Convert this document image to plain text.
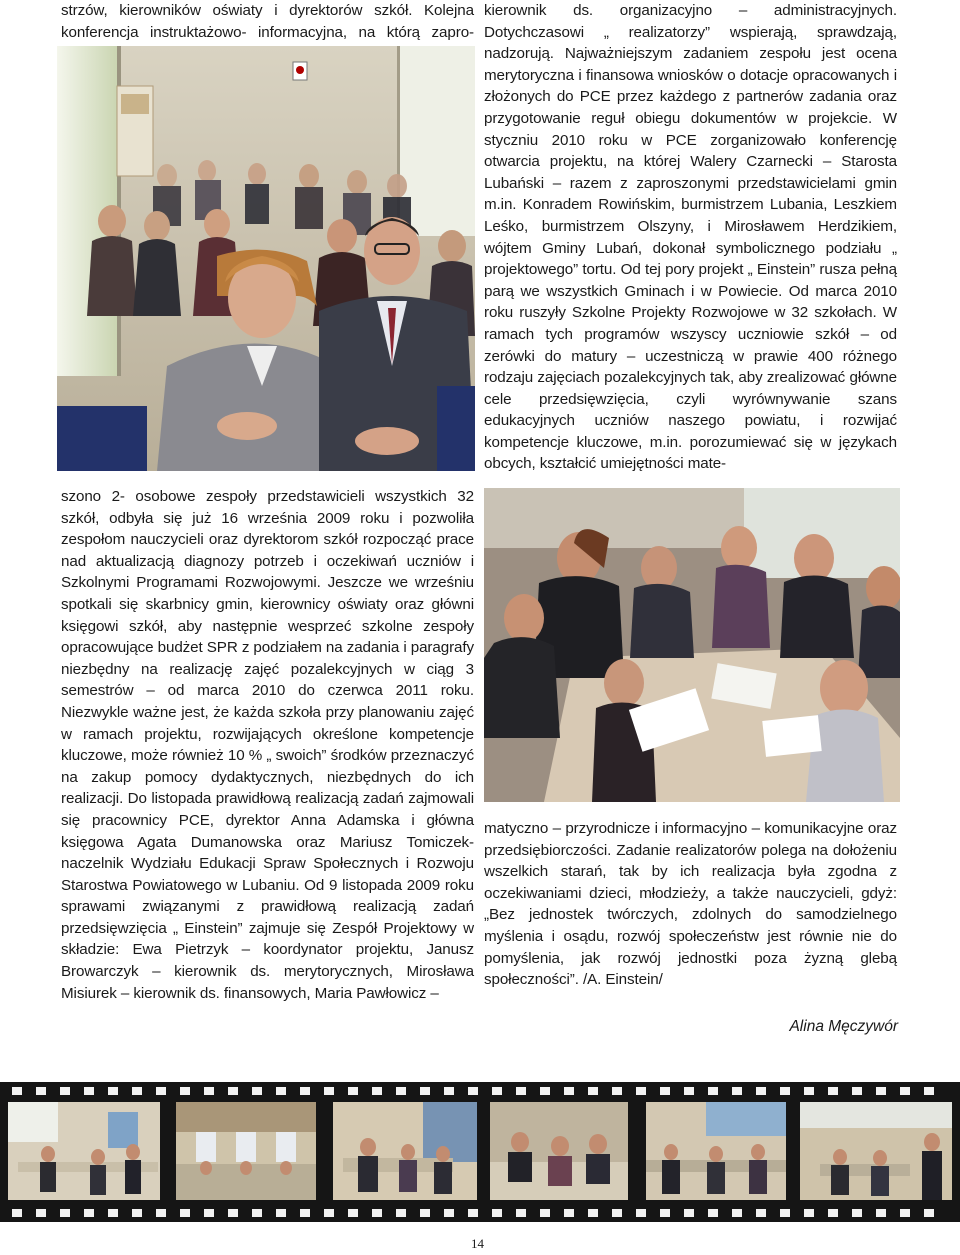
strzów, kierowników oświaty i dyrektorów szkół. Kolejna

konferencja instruktażowo- informacyjna, na którą zapro-

szono 2- osobowe zespoły przedstawicieli wszystkich 32 szkół, odbyła się już 16 września 2009 roku i pozwoliła zespołom nauczycieli oraz dyrektorom szkół rozpocząć prace nad aktualizacją diagnozy potrzeb i oczekiwań uczniów i Szkolnymi Programami Rozwojowymi. Jeszcze we wrześniu spotkali się skarbnicy gmin, kierownicy oświaty oraz główni księgowi szkół, aby następnie wesprzeć szkolne zespoły opracowujące budżet SPR z podziałem na zadania i paragrafy niezbędny na realizację zajęć pozalekcyjnych w ciąg 3 semestrów – od marca 2010 do czerwca 2011 roku. Niezwykle ważne jest, że każda szkoła przy planowaniu zajęć w ramach projektu, rozwijających określone kompetencje kluczowe, może również 10 % „ swoich” środków przeznaczyć na zakup pomocy dydaktycznych, niezbędnych do ich realizacji. Do listopada prawidłową realizacją zadań zajmowali się pracownicy PCE, dyrektor Anna Adamska i główna księgowa Agata Dumanowska oraz Mariusz Tomiczek- naczelnik Wydziału Edukacji Spraw Społecznych i Rozwoju Starostwa Powiatowego w Lubaniu. Od 9 listopada 2009 roku sprawami związanymi z prawidłową realizacją zadań przedsięwzięcia „ Einstein” zajmuje się Zespół Projektowy w składzie: Ewa Pietrzyk – koordynator projektu, Janusz Browarczyk – kierownik ds. merytorycznych, Mirosława Misiurek – kierownik ds. finansowych, Maria Pawłowicz –

kierownik ds. organizacyjno – administracyjnych. Dotychczasowi „ realizatorzy” wspierają, sprawdzają, nadzorują. Najważniejszym zadaniem zespołu jest ocena merytoryczna i finansowa wniosków o dotacje opracowanych i złożonych do PCE przez każdego z partnerów zadania oraz przygotowanie reguł obiegu dokumentów w projekcie. W styczniu 2010 roku w PCE zorganizowało konferencję otwarcia projektu, na której Walery Czarnecki – Starosta Lubański – razem z zaproszonymi przedstawicielami gmin m.in. Konradem Rowińskim, burmistrzem Lubania, Leszkiem Leśko, burmistrzem Olszyny, i Mirosławem Herdzikiem, wójtem Gminy Lubań, dokonał symbolicznego podziału „ projektowego” tortu. Od tej pory projekt „ Einstein” rusza pełną parą we wszystkich Gminach i w Powiecie. Od marca 2010 roku ruszyły Szkolne Projekty Rozwojowe w 32 szkołach. W ramach tych programów wszyscy uczniowie szkół – od zerówki do matury – uczestniczą w prawie 400 różnego rodzaju zajęciach pozalekcyjnych tak, aby zrealizować główne cele przedsięwzięcia, czyli wyrównywanie szans edukacyjnych uczniów naszego powiatu, i rozwijać kompetencje kluczowe, m.in. porozumiewać się w językach obcych, kształcić umiejętności mate-

matyczno – przyrodnicze i informacyjno – komunikacyjne oraz przedsiębiorczości. Zadanie realizatorów polega na dołożeniu wszelkich starań, tak by ich realizacja była zgodna z oczekiwaniami dzieci, młodzieży, a także nauczycieli, gdyż: „Bez jednostek twórczych, zdolnych do samodzielnego myślenia i osądu, rozwój społeczeństw jest równie nie do pomyślenia, jak rozwój jednostki poza żyzną glebą społeczności”. /A. Einstein/

Alina Męczywór
14
